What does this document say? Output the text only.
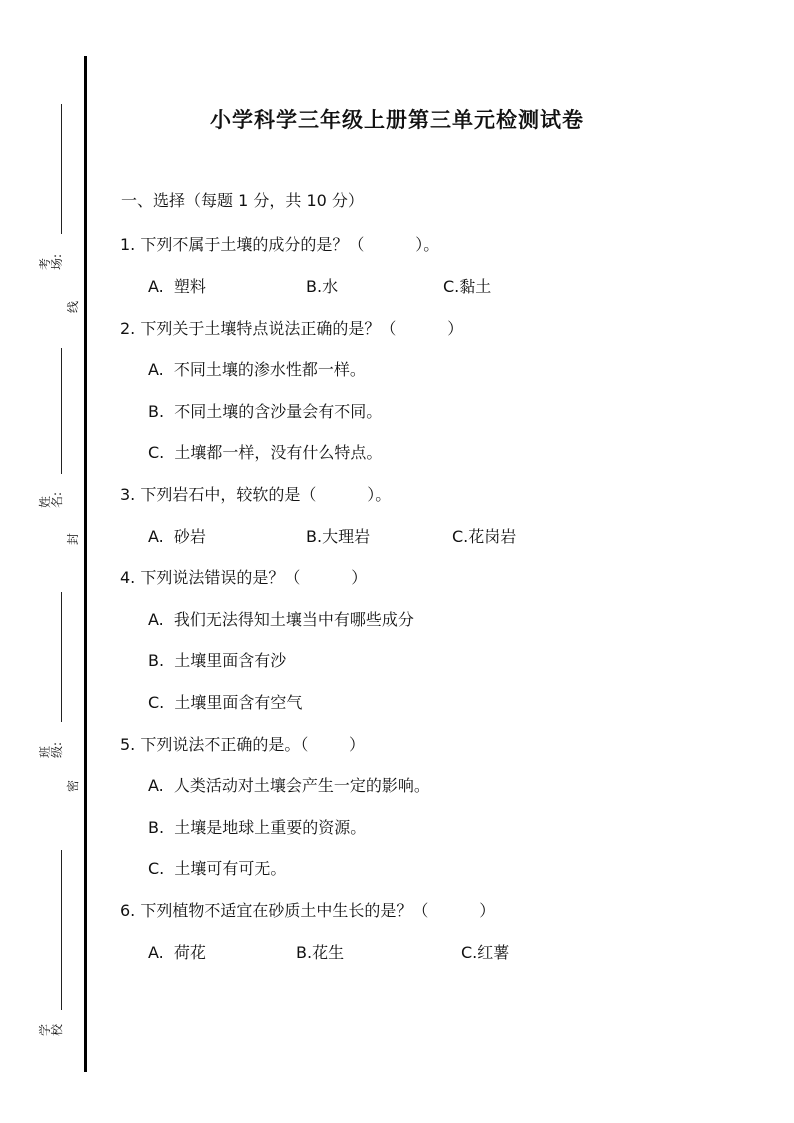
考场:
线
姓名:
封
班级:
密
学校
小学科学三年级上册第三单元检测试卷
一、选择（每题 1 分，共 10 分）
1. 下列不属于土壤的成分的是？（          ）。
A.  塑料	B.水	C.黏土
2. 下列关于土壤特点说法正确的是？（          ）
A.  不同土壤的渗水性都一样。
B.  不同土壤的含沙量会有不同。
C.  土壤都一样，没有什么特点。
3. 下列岩石中，较软的是（          ）。
A.  砂岩	B.大理岩	C.花岗岩
4. 下列说法错误的是？（          ）
A.  我们无法得知土壤当中有哪些成分
B.  土壤里面含有沙
C.  土壤里面含有空气
5. 下列说法不正确的是。（        ）
A.  人类活动对土壤会产生一定的影响。
B.  土壤是地球上重要的资源。
C.  土壤可有可无。
6. 下列植物不适宜在砂质土中生长的是？（          ）
A.  荷花	B.花生	C.红薯
